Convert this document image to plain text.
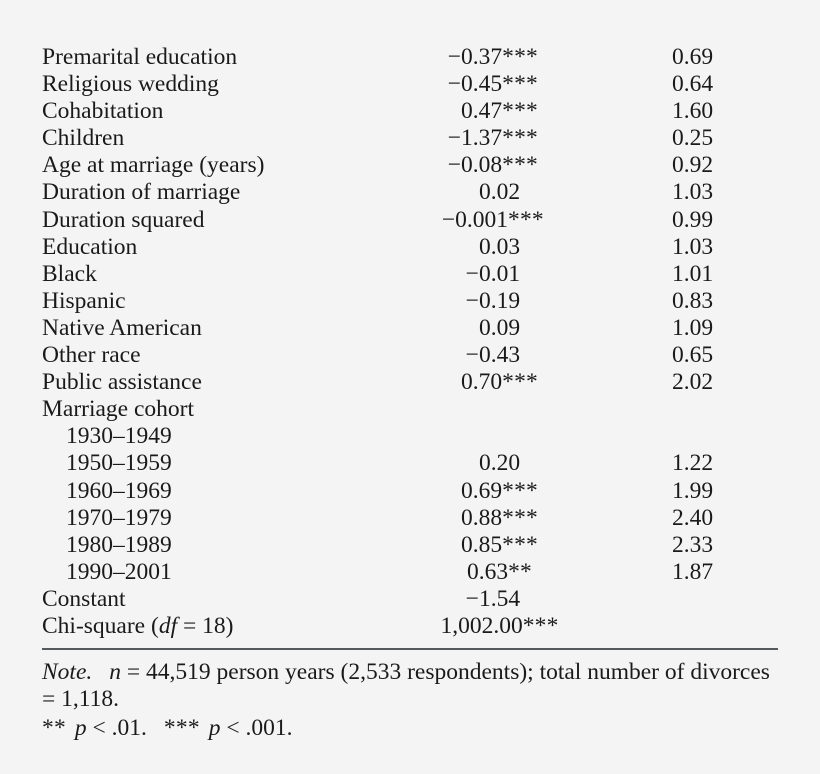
Premarital education	− 0.37***	0.69
Religious wedding	− 0.45***	0.64
Cohabitation	0.47***	1.60
Children	− 1.37***	0.25
Age at marriage (years)	− 0.08***	0.92
Duration of marriage	0.02	1.03
Duration squared	− 0.001***	0.99
Education	0.03	1.03
Black	− 0.01	1.01
Hispanic	− 0.19	0.83
Native American	0.09	1.09
Other race	− 0.43	0.65
Public assistance	0.70***	2.02
Marriage cohort		
1930–1949		
1950–1959	0.20	1.22
1960–1969	0.69***	1.99
1970–1979	0.88***	2.40
1980–1989	0.85***	2.33
1990–2001	0.63**	1.87
Constant	− 1.54	
Chi-square (df = 18)	1,002.00***	

Note. n = 44,519 person years (2,533 respondents); total number of divorces = 1,118.

** p < .01. *** p < .001.
